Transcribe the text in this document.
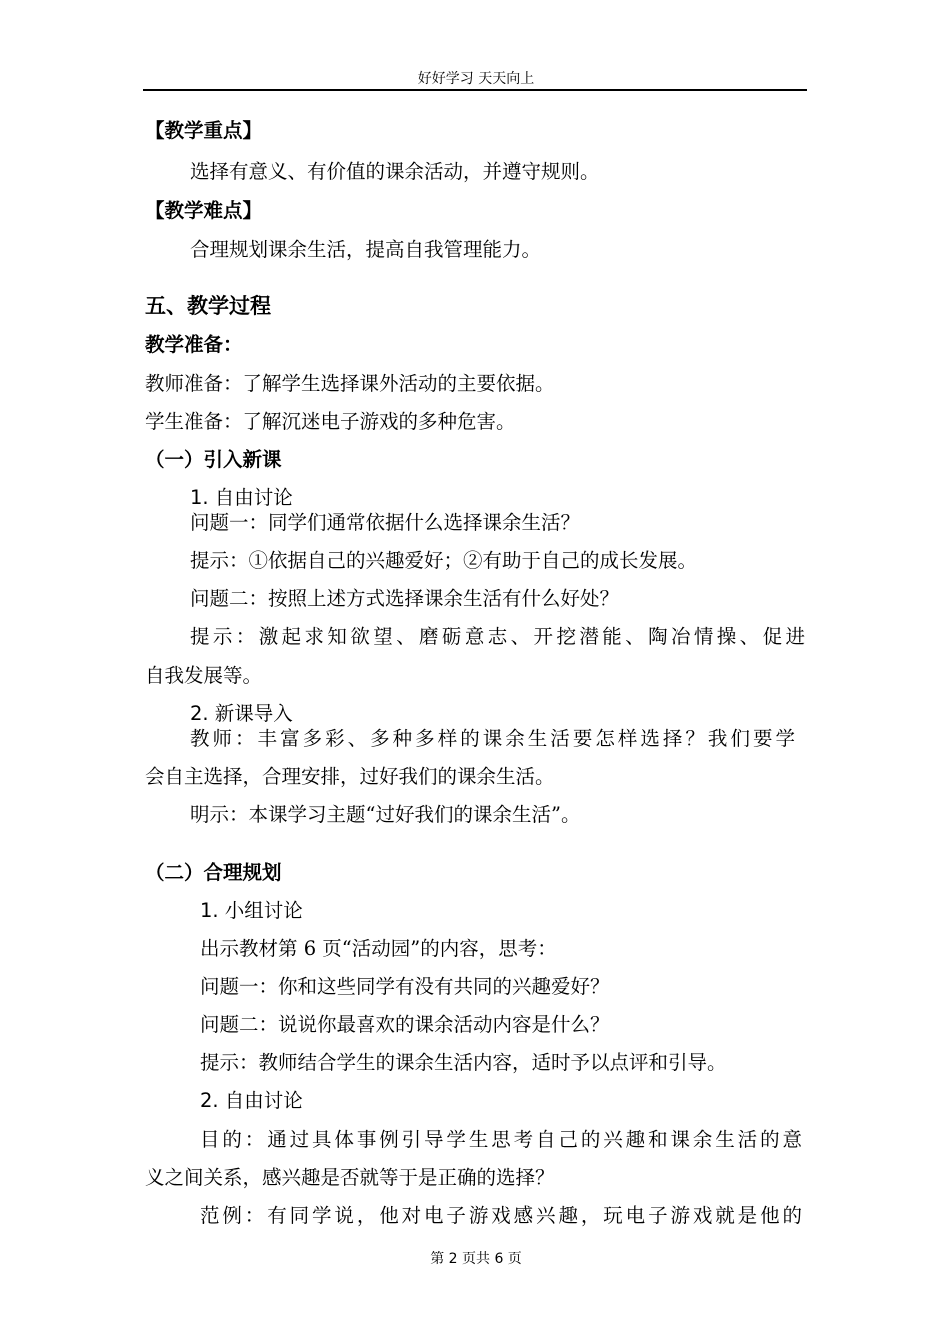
好好学习 天天向上
【教学重点】
选择有意义、有价值的课余活动，并遵守规则。
【教学难点】
合理规划课余生活，提高自我管理能力。
五、教学过程
教学准备：
教师准备：了解学生选择课外活动的主要依据。
学生准备：了解沉迷电子游戏的多种危害。
（一）引入新课
1. 自由讨论
问题一：同学们通常依据什么选择课余生活？
提示：①依据自己的兴趣爱好；②有助于自己的成长发展。
问题二：按照上述方式选择课余生活有什么好处？
提示：激起求知欲望、磨砺意志、开挖潜能、陶冶情操、促进
自我发展等。
2. 新课导入
教师：丰富多彩、多种多样的课余生活要怎样选择？我们要学
会自主选择，合理安排，过好我们的课余生活。
明示：本课学习主题“过好我们的课余生活”。
（二）合理规划
1. 小组讨论
出示教材第 6 页“活动园”的内容，思考：
问题一：你和这些同学有没有共同的兴趣爱好？
问题二：说说你最喜欢的课余活动内容是什么？
提示：教师结合学生的课余生活内容，适时予以点评和引导。
2. 自由讨论
目的：通过具体事例引导学生思考自己的兴趣和课余生活的意
义之间关系，感兴趣是否就等于是正确的选择？
范例：有同学说，他对电子游戏感兴趣，玩电子游戏就是他的
第 2 页共 6 页
